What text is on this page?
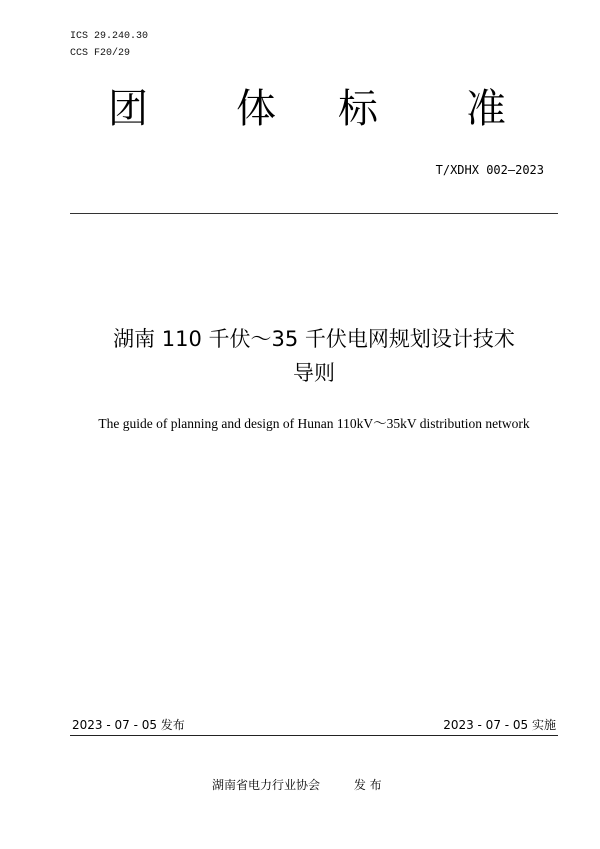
ICS 29.240.30
CCS F20/29
团 体 标 准
T/XDHX 002—2023
湖南 110 千伏～35 千伏电网规划设计技术
导则
The guide of planning and design of Hunan 110kV～35kV distribution network
2023 - 07 - 05 发布	2023 - 07 - 05 实施
湖南省电力行业协会	发 布
